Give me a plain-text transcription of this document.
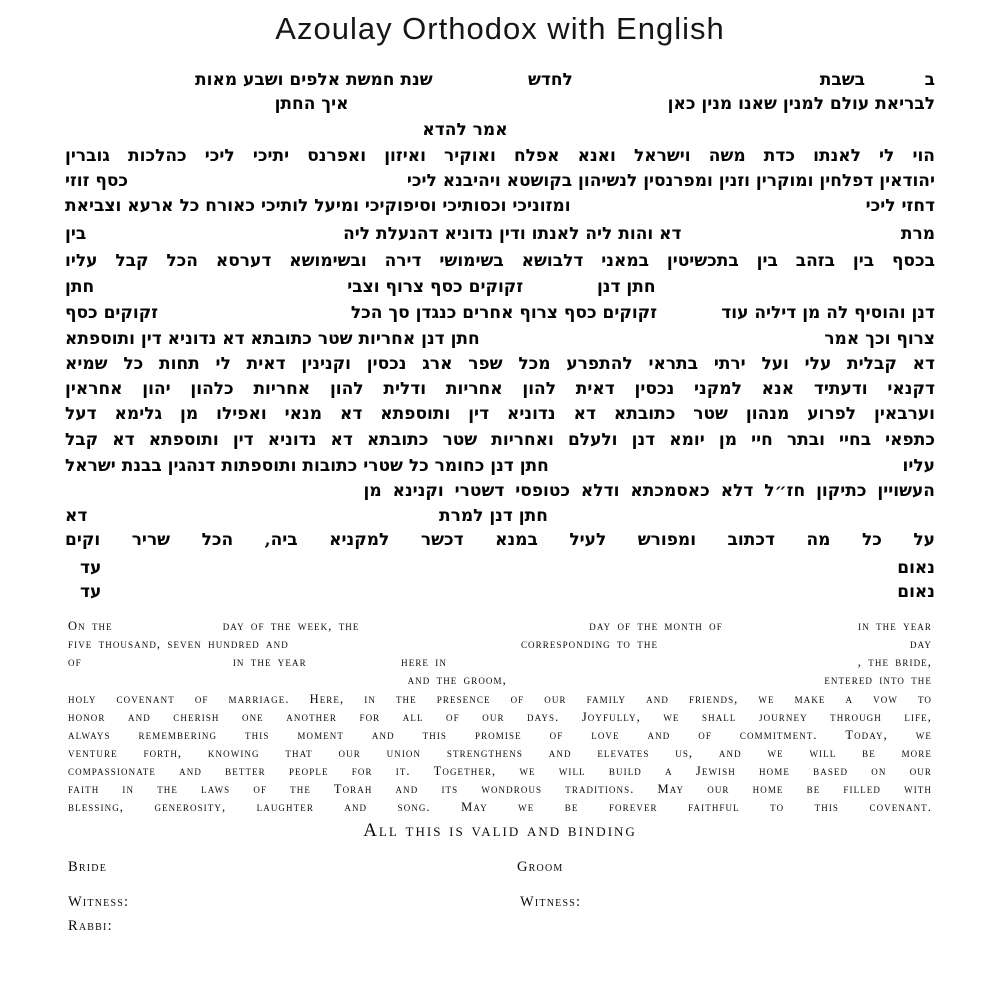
Azoulay Orthodox with English
ב
בשבת
לחדש
שנת חמשת אלפים ושבע מאות
לבריאת עולם למנין שאנו מנין כאן
איך החתן
אמר להדא
הוי לי לאנתו כדת משה וישראל ואנא אפלח ואוקיר ואיזון ואפרנס יתיכי ליכי כהלכות גוברין
יהודאין דפלחין ומוקרין וזנין ומפרנסין לנשיהון בקושטא ויהיבנא ליכי
כסף זוזי
דחזי ליכי
ומזוניכי וכסותיכי וסיפוקיכי ומיעל לותיכי כאורח כל ארעא וצביאת
מרת
דא והות ליה לאנתו ודין נדוניא דהנעלת ליה
בין
בכסף בין בזהב בין בתכשיטין במאני דלבושא בשימושי דירה ובשימושא דערסא הכל קבל עליו
חתן דנן
זקוקים כסף צרוף וצבי
חתן
דנן והוסיף לה מן דיליה עוד
זקוקים כסף צרוף אחרים כנגדן סך הכל
זקוקים כסף
צרוף וכך אמר
חתן דנן אחריות שטר כתובתא דא נדוניא דין ותוספתא
דא קבלית עלי ועל ירתי בתראי להתפרע מכל שפר ארג נכסין וקנינין דאית לי תחות כל שמיא
דקנאי ודעתיד אנא למקני נכסין דאית להון אחריות ודלית להון אחריות כלהון יהון אחראין
וערבאין לפרוע מנהון שטר כתובתא דא נדוניא דין ותוספתא דא מנאי ואפילו מן גלימא דעל
כתפאי בחיי ובתר חיי מן יומא דנן ולעלם ואחריות שטר כתובתא דא נדוניא דין ותוספתא דא קבל
עליו
חתן דנן כחומר כל שטרי כתובות ותוספתות דנהגין בבנת ישראל
העשויין כתיקון חז״ל דלא כאסמכתא ודלא כטופסי דשטרי וקנינא מן
חתן דנן למרת
דא
על כל מה דכתוב ומפורש לעיל במנא דכשר למקניא ביה, הכל שריר וקים
נאום
עד
נאום
עד
On the	day of the week, the	day of the month of	in the year
five thousand, seven hundred and	corresponding to the	day
of	in the year	here in	, the bride,
and the groom,	entered into the
holy covenant of marriage. Here, in the presence of our family and friends, we make a vow to
honor and cherish one another for all of our days. Joyfully, we shall journey through life,
always remembering this moment and this promise of love and of commitment. Today, we
venture forth, knowing that our union strengthens and elevates us, and we will be more
compassionate and better people for it. Together, we will build a Jewish home based on our
faith in the laws of the Torah and its wondrous traditions. May our home be filled with
blessing, generosity, laughter and song. May we be forever faithful to this covenant.
All this is valid and binding
Bride	Groom
Witness:	Witness:
Rabbi:
